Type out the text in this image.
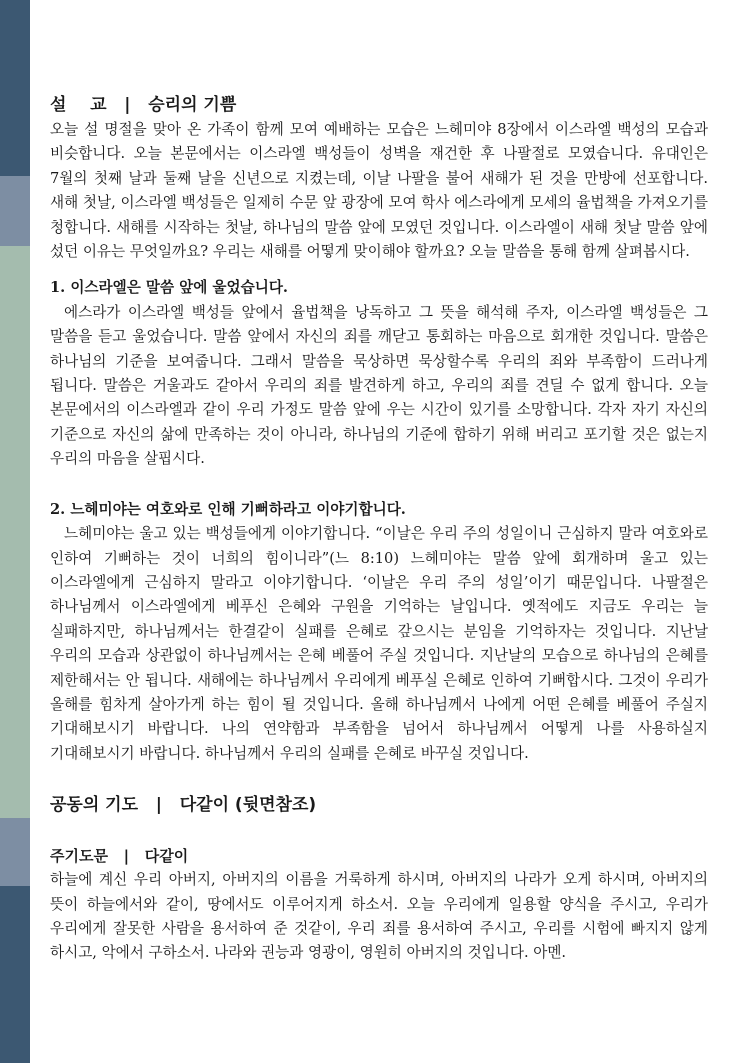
설    교   |   승리의 기쁨

오늘 설 명절을 맞아 온 가족이 함께 모여 예배하는 모습은 느헤미야 8장에서 이스라엘 백성의 모습과 비슷합니다. 오늘 본문에서는 이스라엘 백성들이 성벽을 재건한 후 나팔절로 모였습니다. 유대인은 7월의 첫째 날과 둘째 날을 신년으로 지켰는데, 이날 나팔을 불어 새해가 된 것을 만방에 선포합니다. 새해 첫날, 이스라엘 백성들은 일제히 수문 앞 광장에 모여 학사 에스라에게 모세의 율법책을 가져오기를 청합니다. 새해를 시작하는 첫날, 하나님의 말씀 앞에 모였던 것입니다. 이스라엘이 새해 첫날 말씀 앞에 섰던 이유는 무엇일까요? 우리는 새해를 어떻게 맞이해야 할까요? 오늘 말씀을 통해 함께 살펴봅시다.

1. 이스라엘은 말씀 앞에 울었습니다.

에스라가 이스라엘 백성들 앞에서 율법책을 낭독하고 그 뜻을 해석해 주자, 이스라엘 백성들은 그 말씀을 듣고 울었습니다. 말씀 앞에서 자신의 죄를 깨닫고 통회하는 마음으로 회개한 것입니다. 말씀은 하나님의 기준을 보여줍니다. 그래서 말씀을 묵상하면 묵상할수록 우리의 죄와 부족함이 드러나게 됩니다. 말씀은 거울과도 같아서 우리의 죄를 발견하게 하고, 우리의 죄를 견딜 수 없게 합니다. 오늘 본문에서의 이스라엘과 같이 우리 가정도 말씀 앞에 우는 시간이 있기를 소망합니다. 각자 자기 자신의 기준으로 자신의 삶에 만족하는 것이 아니라, 하나님의 기준에 합하기 위해 버리고 포기할 것은 없는지 우리의 마음을 살핍시다.

2. 느헤미야는 여호와로 인해 기뻐하라고 이야기합니다.

느헤미야는 울고 있는 백성들에게 이야기합니다. “이날은 우리 주의 성일이니 근심하지 말라 여호와로 인하여 기뻐하는 것이 너희의 힘이니라”(느 8:10) 느헤미야는 말씀 앞에 회개하며 울고 있는 이스라엘에게 근심하지 말라고 이야기합니다. ‘이날은 우리 주의 성일’이기 때문입니다. 나팔절은 하나님께서 이스라엘에게 베푸신 은혜와 구원을 기억하는 날입니다. 옛적에도 지금도 우리는 늘 실패하지만, 하나님께서는 한결같이 실패를 은혜로 갚으시는 분임을 기억하자는 것입니다. 지난날 우리의 모습과 상관없이 하나님께서는 은혜 베풀어 주실 것입니다. 지난날의 모습으로 하나님의 은혜를 제한해서는 안 됩니다. 새해에는 하나님께서 우리에게 베푸실 은혜로 인하여 기뻐합시다. 그것이 우리가 올해를 힘차게 살아가게 하는 힘이 될 것입니다. 올해 하나님께서 나에게 어떤 은혜를 베풀어 주실지 기대해보시기 바랍니다. 나의 연약함과 부족함을 넘어서 하나님께서 어떻게 나를 사용하실지 기대해보시기 바랍니다. 하나님께서 우리의 실패를 은혜로 바꾸실 것입니다.

공동의 기도   |   다같이 (뒷면참조)
주기도문   |   다같이

하늘에 계신 우리 아버지, 아버지의 이름을 거룩하게 하시며, 아버지의 나라가 오게 하시며, 아버지의 뜻이 하늘에서와 같이, 땅에서도 이루어지게 하소서. 오늘 우리에게 일용할 양식을 주시고, 우리가 우리에게 잘못한 사람을 용서하여 준 것같이, 우리 죄를 용서하여 주시고, 우리를 시험에 빠지지 않게 하시고, 악에서 구하소서. 나라와 권능과 영광이, 영원히 아버지의 것입니다. 아멘.
